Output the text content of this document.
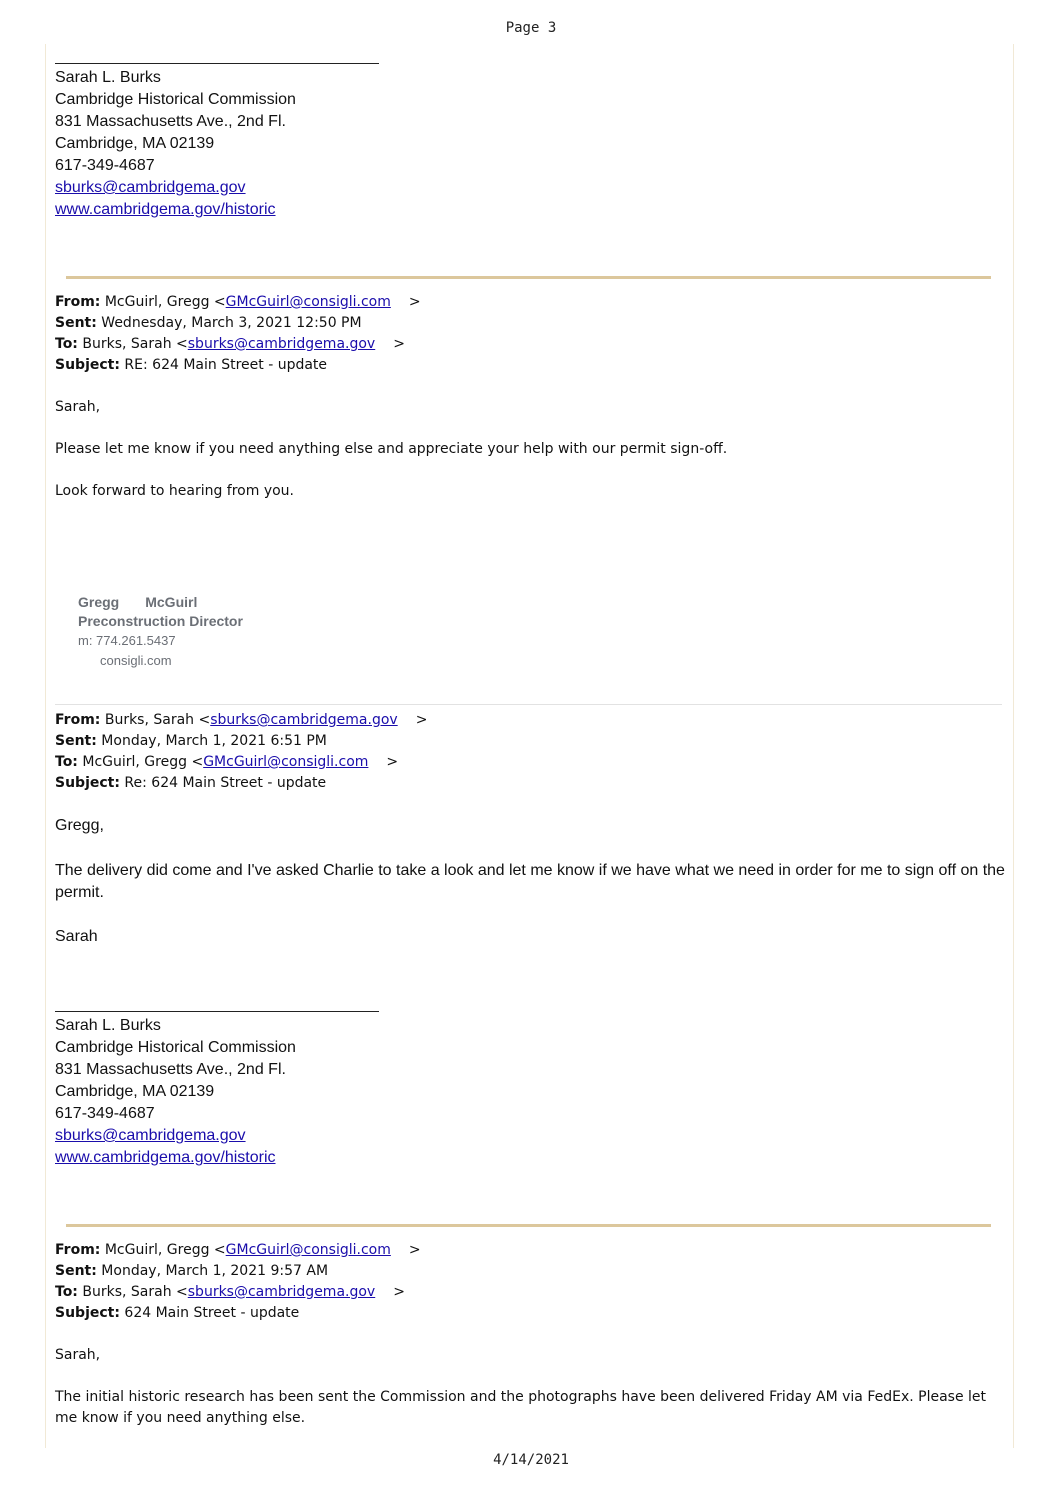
Page 3
Sarah L. Burks
Cambridge Historical Commission
831 Massachusetts Ave., 2nd Fl.
Cambridge, MA 02139
617-349-4687
sburks@cambridgema.gov
www.cambridgema.gov/historic
From: McGuirl, Gregg <GMcGuirl@consigli.com >
Sent: Wednesday, March 3, 2021 12:50 PM
To: Burks, Sarah <sburks@cambridgema.gov >
Subject: RE: 624 Main Street - update
Sarah,
Please let me know if you need anything else and appreciate your help with our permit sign-off.
Look forward to hearing from you.
Gregg McGuirl
Preconstruction Director
m: 774.261.5437
consigli.com
From: Burks, Sarah <sburks@cambridgema.gov >
Sent: Monday, March 1, 2021 6:51 PM
To: McGuirl, Gregg <GMcGuirl@consigli.com >
Subject: Re: 624 Main Street - update
Gregg,
The delivery did come and I've asked Charlie to take a look and let me know if we have what we need in order for me to sign off on the permit.
Sarah
Sarah L. Burks
Cambridge Historical Commission
831 Massachusetts Ave., 2nd Fl.
Cambridge, MA 02139
617-349-4687
sburks@cambridgema.gov
www.cambridgema.gov/historic
From: McGuirl, Gregg <GMcGuirl@consigli.com >
Sent: Monday, March 1, 2021 9:57 AM
To: Burks, Sarah <sburks@cambridgema.gov >
Subject: 624 Main Street - update
Sarah,
The initial historic research has been sent the Commission and the photographs have been delivered Friday AM via FedEx. Please let me know if you need anything else.
4/14/2021
